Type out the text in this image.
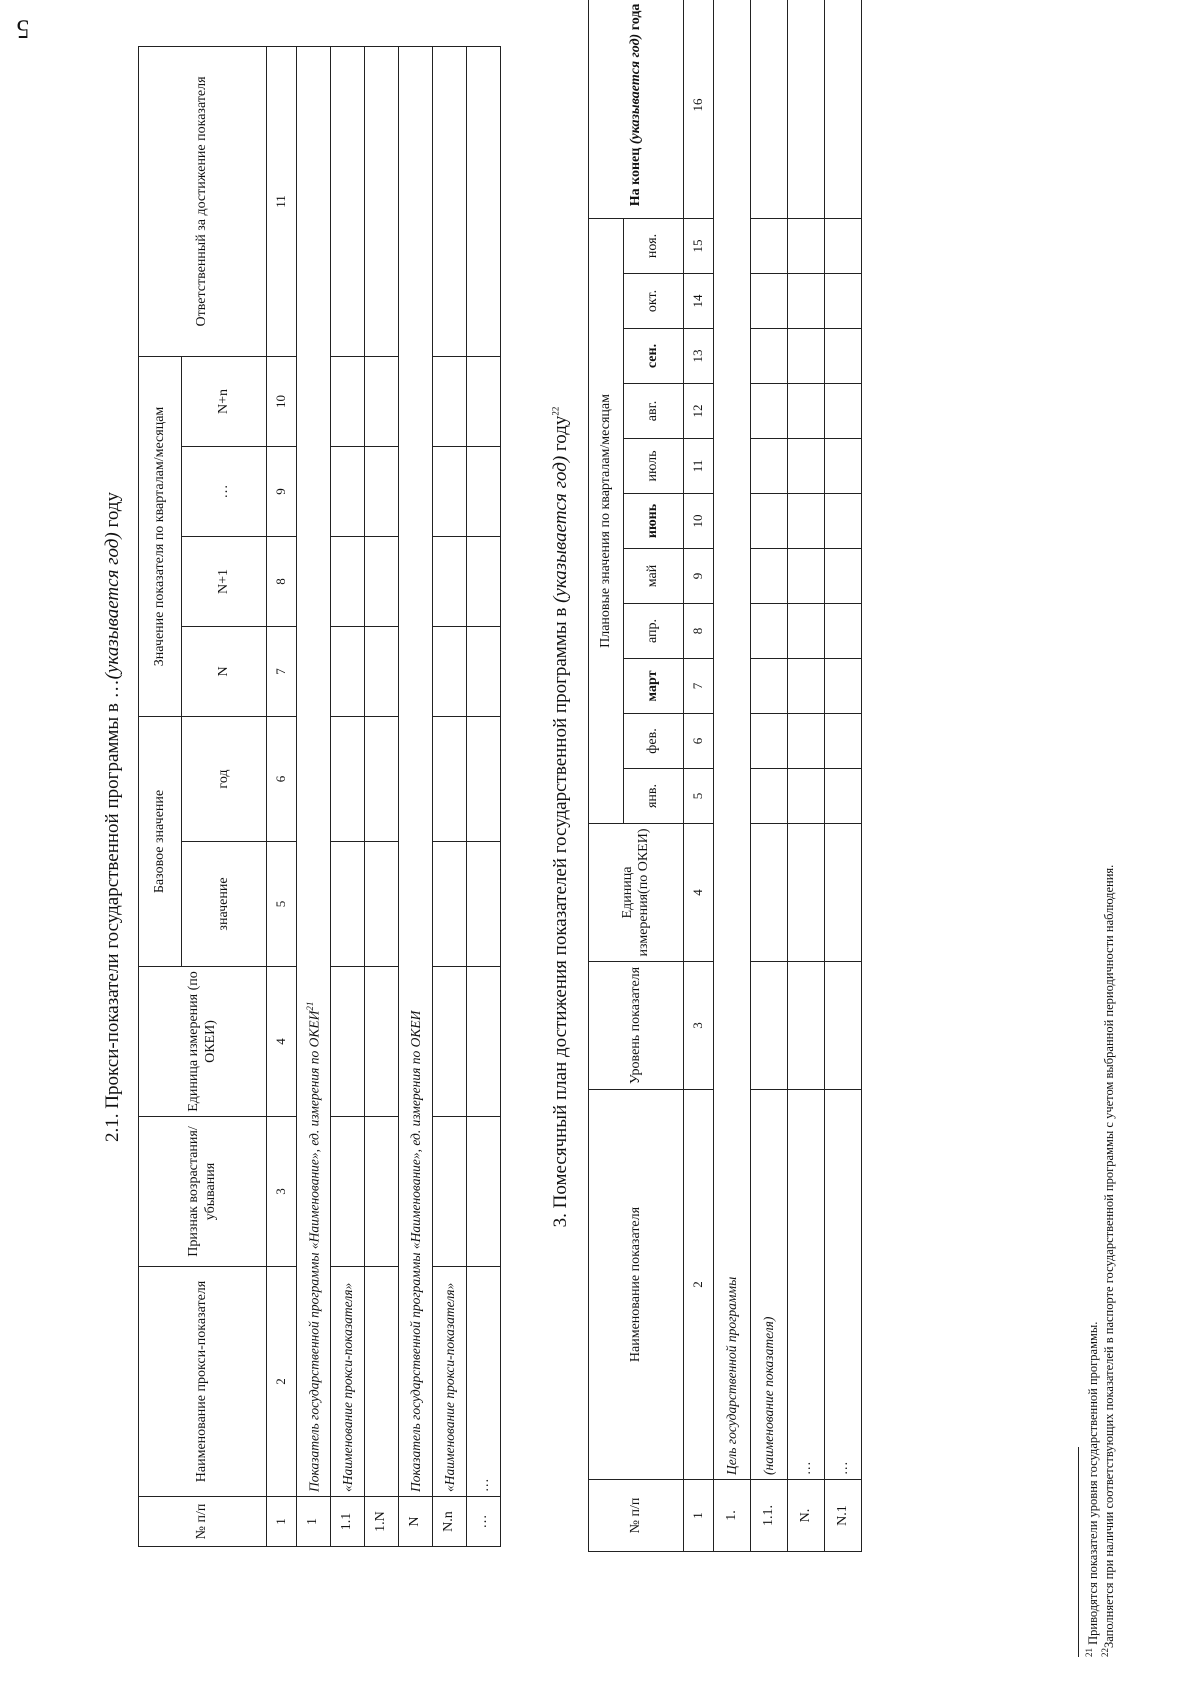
5
2.1. Прокси-показатели государственной программы в …(указывается год) году
№ п/п	Наименование прокси-показателя	Признак возрастания/ убывания	Единица измерения (по ОКЕИ)	Базовое значение		Значение показателя по кварталам/месяцам				Ответственный за достижение показателя
				значение	год	N	N+1	…	N+n	
1	2	3	4	5	6	7	8	9	10	11
1	Показатель государственной программы «Наименование», ед. измерения по ОКЕИ$^{21}$
1.1	«Наименование прокси-показателя»									
1.N										
N	Показатель государственной программы «Наименование», ед. измерения по ОКЕИ									
N.n	«Наименование прокси-показателя»									
…	…									
3. Помесячный план достижения показателей государственной программы в (указывается год) году$^{22}$
№ п/п	Наименование показателя	Уровень показателя	Единица измерения(по ОКЕИ)	Плановые значения по кварталам/месяцам											На конец (указывается год) года
				янв.	фев.	март	апр.	май	июнь	июль	авг.	сен.	окт.	ноя.	
1	2	3	4	5	6	7	8	9	10	11	12	13	14	15	16
1.	Цель государственной программы														
1.1.	(наименование показателя)														
N.	…														
N.1	…														
$^{21}$ Приводятся показатели уровня государственной программы.
$^{22}$Заполняется при наличии соответствующих показателей в паспорте государственной программы с учетом выбранной периодичности наблюдения.
